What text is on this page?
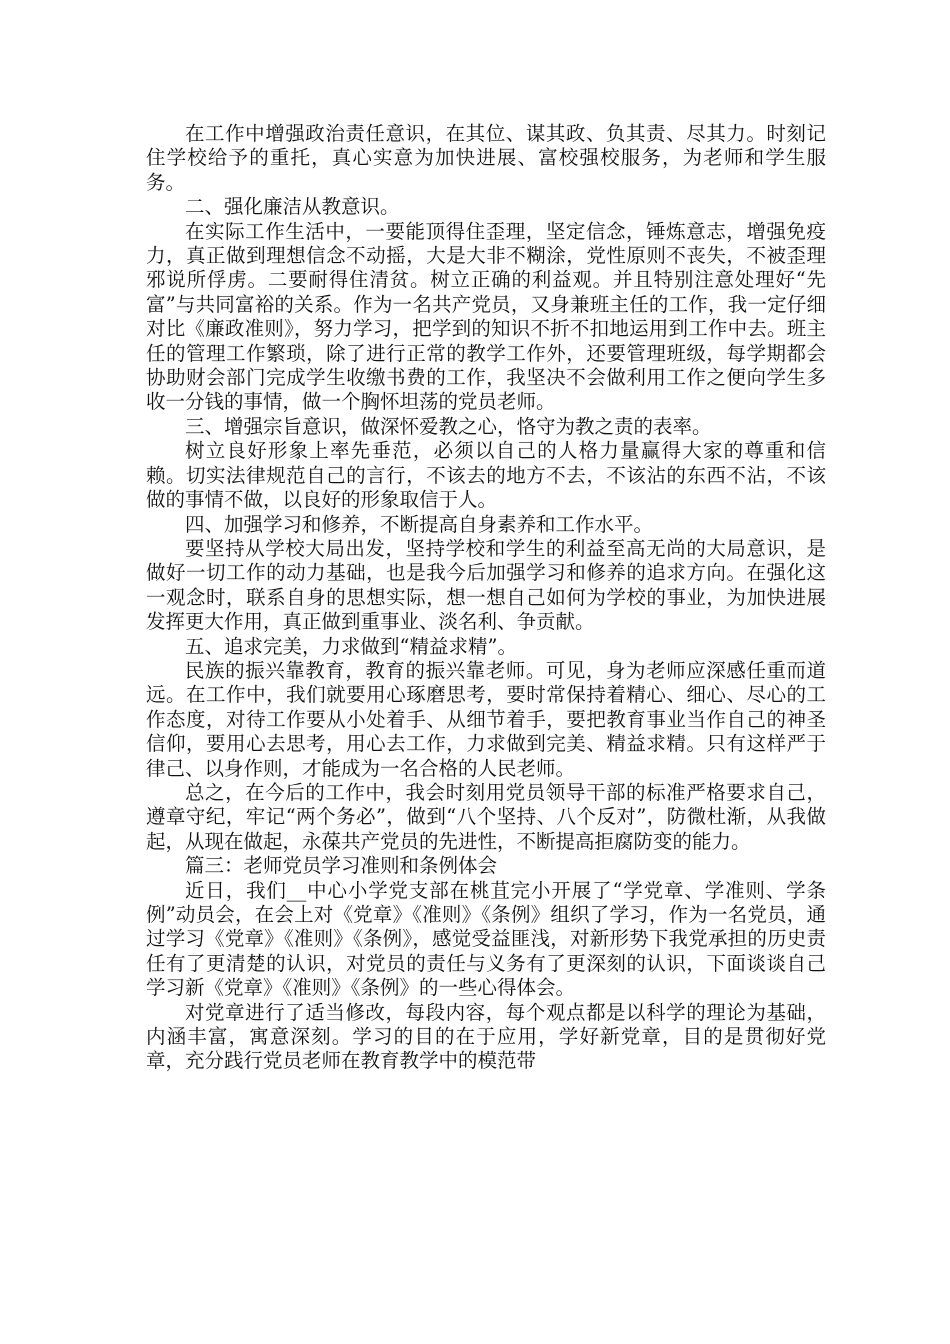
在工作中增强政治责任意识，在其位、谋其政、负其责、尽其力。时刻记住学校给予的重托，真心实意为加快进展、富校强校服务，为老师和学生服务。

二、强化廉洁从教意识。

在实际工作生活中，一要能顶得住歪理，坚定信念，锤炼意志，增强免疫力，真正做到理想信念不动摇，大是大非不糊涂，党性原则不丧失，不被歪理邪说所俘虏。二要耐得住清贫。树立正确的利益观。并且特别注意处理好“先富”与共同富裕的关系。作为一名共产党员，又身兼班主任的工作，我一定仔细对比《廉政准则》，努力学习，把学到的知识不折不扣地运用到工作中去。班主任的管理工作繁琐，除了进行正常的教学工作外，还要管理班级，每学期都会协助财会部门完成学生收缴书费的工作，我坚决不会做利用工作之便向学生多收一分钱的事情，做一个胸怀坦荡的党员老师。

三、增强宗旨意识，做深怀爱教之心，恪守为教之责的表率。

树立良好形象上率先垂范，必须以自己的人格力量赢得大家的尊重和信赖。切实法律规范自己的言行，不该去的地方不去，不该沾的东西不沾，不该做的事情不做，以良好的形象取信于人。

四、加强学习和修养，不断提高自身素养和工作水平。

要坚持从学校大局出发，坚持学校和学生的利益至高无尚的大局意识，是做好一切工作的动力基础，也是我今后加强学习和修养的追求方向。在强化这一观念时，联系自身的思想实际，想一想自己如何为学校的事业，为加快进展发挥更大作用，真正做到重事业、淡名利、争贡献。

五、追求完美，力求做到“精益求精”。

民族的振兴靠教育，教育的振兴靠老师。可见，身为老师应深感任重而道远。在工作中，我们就要用心琢磨思考，要时常保持着精心、细心、尽心的工作态度，对待工作要从小处着手、从细节着手，要把教育事业当作自己的神圣信仰，要用心去思考，用心去工作，力求做到完美、精益求精。只有这样严于律己、以身作则，才能成为一名合格的人民老师。

总之，在今后的工作中，我会时刻用党员领导干部的标准严格要求自己，遵章守纪，牢记“两个务必”，做到“八个坚持、八个反对”，防微杜渐，从我做起，从现在做起，永葆共产党员的先进性，不断提高拒腐防变的能力。

篇三：老师党员学习准则和条例体会

近日，我们__中心小学党支部在桃苴完小开展了“学党章、学准则、学条例”动员会，在会上对《党章》《准则》《条例》组织了学习，作为一名党员，通过学习《党章》《准则》《条例》，感觉受益匪浅，对新形势下我党承担的历史责任有了更清楚的认识，对党员的责任与义务有了更深刻的认识，下面谈谈自己学习新《党章》《准则》《条例》的一些心得体会。

对党章进行了适当修改，每段内容，每个观点都是以科学的理论为基础，内涵丰富，寓意深刻。学习的目的在于应用，学好新党章，目的是贯彻好党章，充分践行党员老师在教育教学中的模范带
